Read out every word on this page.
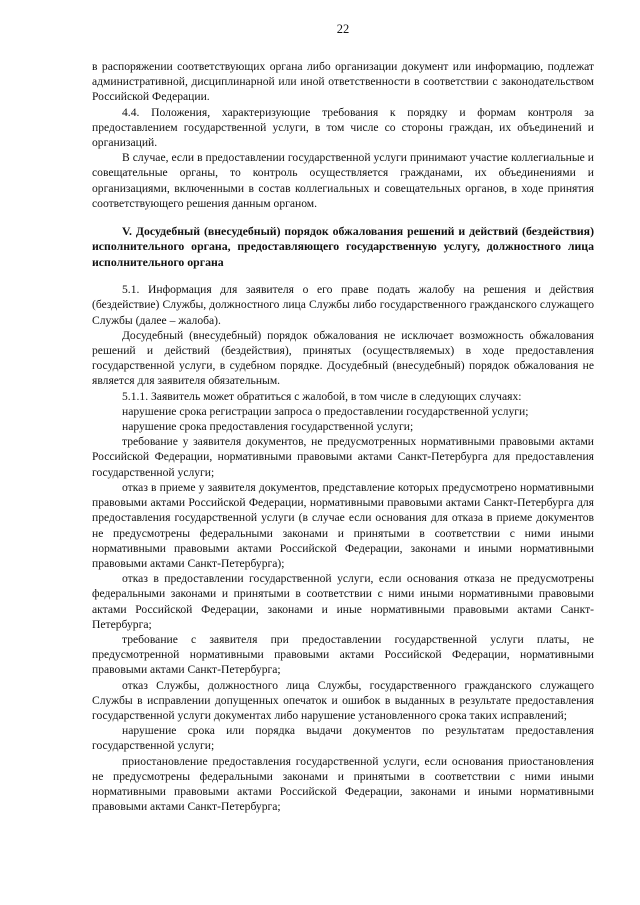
22

в распоряжении соответствующих органа либо организации документ или информацию, подлежат административной, дисциплинарной или иной ответственности в соответствии с законодательством Российской Федерации.

4.4. Положения, характеризующие требования к порядку и формам контроля за предоставлением государственной услуги, в том числе со стороны граждан, их объединений и организаций.

В случае, если в предоставлении государственной услуги принимают участие коллегиальные и совещательные органы, то контроль осуществляется гражданами, их объединениями и организациями, включенными в состав коллегиальных и совещательных органов, в ходе принятия соответствующего решения данным органом.

V. Досудебный (внесудебный) порядок обжалования решений и действий (бездействия) исполнительного органа, предоставляющего государственную услугу, должностного лица исполнительного органа

5.1. Информация для заявителя о его праве подать жалобу на решения и действия (бездействие) Службы, должностного лица Службы либо государственного гражданского служащего Службы (далее – жалоба).

Досудебный (внесудебный) порядок обжалования не исключает возможность обжалования решений и действий (бездействия), принятых (осуществляемых) в ходе предоставления государственной услуги, в судебном порядке. Досудебный (внесудебный) порядок обжалования не является для заявителя обязательным.

5.1.1. Заявитель может обратиться с жалобой, в том числе в следующих случаях:

нарушение срока регистрации запроса о предоставлении государственной услуги;

нарушение срока предоставления государственной услуги;

требование у заявителя документов, не предусмотренных нормативными правовыми актами Российской Федерации, нормативными правовыми актами Санкт-Петербурга для предоставления государственной услуги;

отказ в приеме у заявителя документов, представление которых предусмотрено нормативными правовыми актами Российской Федерации, нормативными правовыми актами Санкт-Петербурга для предоставления государственной услуги (в случае если основания для отказа в приеме документов не предусмотрены федеральными законами и принятыми в соответствии с ними иными нормативными правовыми актами Российской Федерации, законами и иными нормативными правовыми актами Санкт-Петербурга);

отказ в предоставлении государственной услуги, если основания отказа не предусмотрены федеральными законами и принятыми в соответствии с ними иными нормативными правовыми актами Российской Федерации, законами и иные нормативными правовыми актами Санкт-Петербурга;

требование с заявителя при предоставлении государственной услуги платы, не предусмотренной нормативными правовыми актами Российской Федерации, нормативными правовыми актами Санкт-Петербурга;

отказ Службы, должностного лица Службы, государственного гражданского служащего Службы в исправлении допущенных опечаток и ошибок в выданных в результате предоставления государственной услуги документах либо нарушение установленного срока таких исправлений;

нарушение срока или порядка выдачи документов по результатам предоставления государственной услуги;

приостановление предоставления государственной услуги, если основания приостановления не предусмотрены федеральными законами и принятыми в соответствии с ними иными нормативными правовыми актами Российской Федерации, законами и иными нормативными правовыми актами Санкт-Петербурга;
